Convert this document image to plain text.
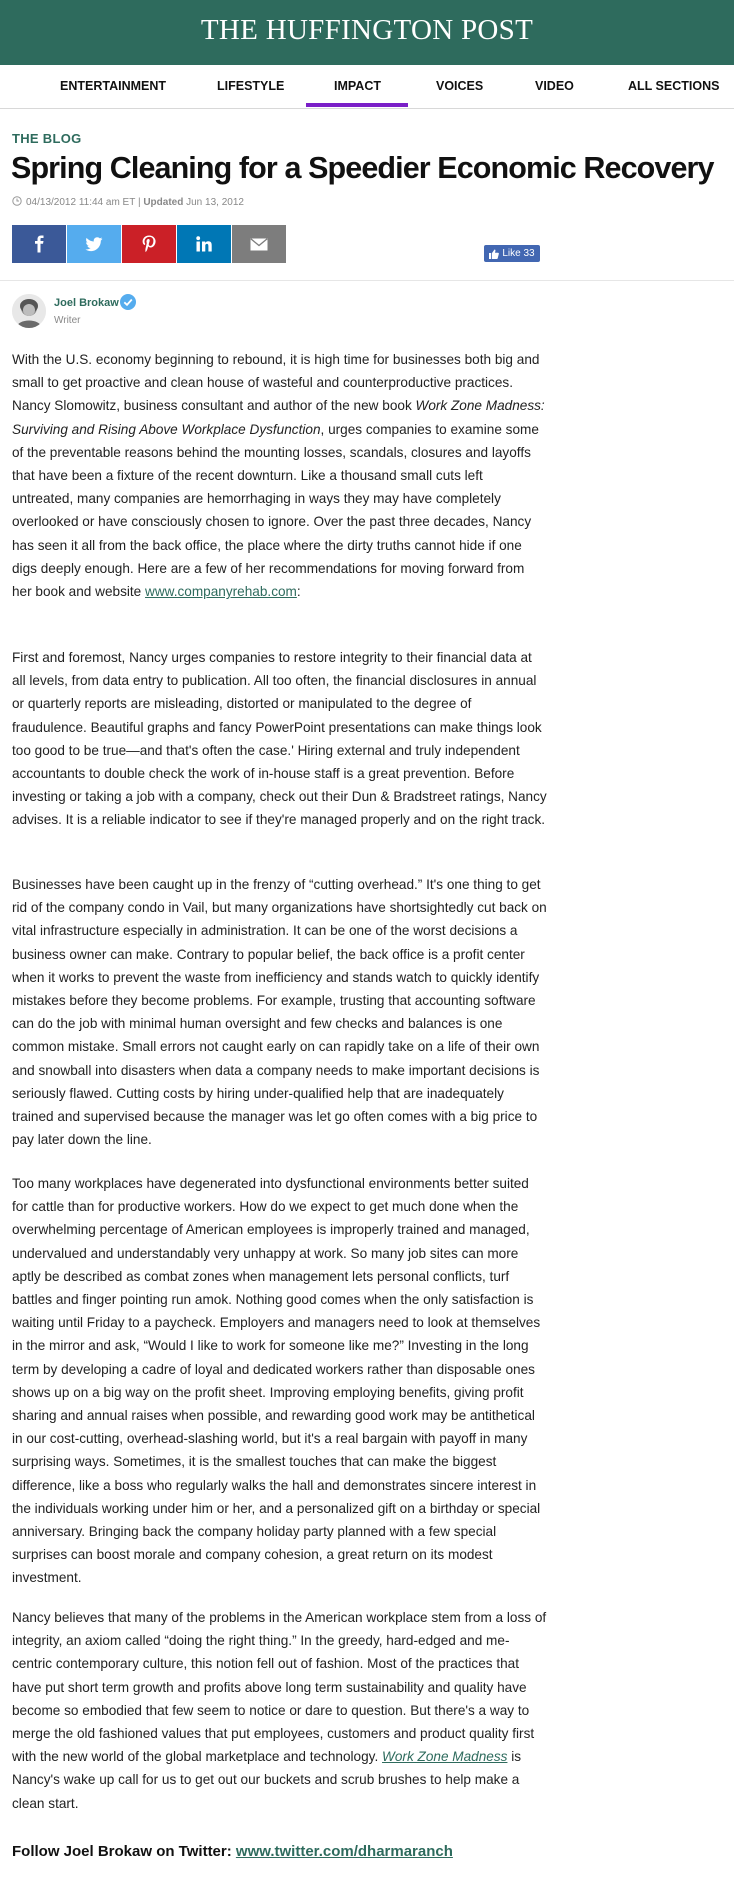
THE HUFFINGTON POST
ENTERTAINMENT	LIFESTYLE	IMPACT	VOICES	VIDEO	ALL SECTIONS
THE BLOG
Spring Cleaning for a Speedier Economic Recovery
04/13/2012 11:44 am ET | Updated Jun 13, 2012
Like
33
Joel Brokaw
Writer

With the U.S. economy beginning to rebound, it is high time for businesses both big and small to get proactive and clean house of wasteful and counterproductive practices. Nancy Slomowitz, business consultant and author of the new book Work Zone Madness: Surviving and Rising Above Workplace Dysfunction, urges companies to examine some of the preventable reasons behind the mounting losses, scandals, closures and layoffs that have been a fixture of the recent downturn. Like a thousand small cuts left untreated, many companies are hemorrhaging in ways they may have completely overlooked or have consciously chosen to ignore. Over the past three decades, Nancy has seen it all from the back office, the place where the dirty truths cannot hide if one digs deeply enough. Here are a few of her recommendations for moving forward from her book and website www.companyrehab.com:

First and foremost, Nancy urges companies to restore integrity to their financial data at all levels, from data entry to publication. All too often, the financial disclosures in annual or quarterly reports are misleading, distorted or manipulated to the degree of fraudulence. Beautiful graphs and fancy PowerPoint presentations can make things look too good to be true—and that's often the case.' Hiring external and truly independent accountants to double check the work of in-house staff is a great prevention. Before investing or taking a job with a company, check out their Dun & Bradstreet ratings, Nancy advises. It is a reliable indicator to see if they're managed properly and on the right track.

Businesses have been caught up in the frenzy of “cutting overhead.” It's one thing to get rid of the company condo in Vail, but many organizations have shortsightedly cut back on vital infrastructure especially in administration. It can be one of the worst decisions a business owner can make. Contrary to popular belief, the back office is a profit center when it works to prevent the waste from inefficiency and stands watch to quickly identify mistakes before they become problems. For example, trusting that accounting software can do the job with minimal human oversight and few checks and balances is one common mistake. Small errors not caught early on can rapidly take on a life of their own and snowball into disasters when data a company needs to make important decisions is seriously flawed. Cutting costs by hiring under-qualified help that are inadequately trained and supervised because the manager was let go often comes with a big price to pay later down the line.

Too many workplaces have degenerated into dysfunctional environments better suited for cattle than for productive workers. How do we expect to get much done when the overwhelming percentage of American employees is improperly trained and managed, undervalued and understandably very unhappy at work. So many job sites can more aptly be described as combat zones when management lets personal conflicts, turf battles and finger pointing run amok. Nothing good comes when the only satisfaction is waiting until Friday to a paycheck. Employers and managers need to look at themselves in the mirror and ask, “Would I like to work for someone like me?” Investing in the long term by developing a cadre of loyal and dedicated workers rather than disposable ones shows up on a big way on the profit sheet. Improving employing benefits, giving profit sharing and annual raises when possible, and rewarding good work may be antithetical in our cost-cutting, overhead-slashing world, but it's a real bargain with payoff in many surprising ways. Sometimes, it is the smallest touches that can make the biggest difference, like a boss who regularly walks the hall and demonstrates sincere interest in the individuals working under him or her, and a personalized gift on a birthday or special anniversary. Bringing back the company holiday party planned with a few special surprises can boost morale and company cohesion, a great return on its modest investment.

Nancy believes that many of the problems in the American workplace stem from a loss of integrity, an axiom called “doing the right thing.” In the greedy, hard-edged and me-centric contemporary culture, this notion fell out of fashion. Most of the practices that have put short term growth and profits above long term sustainability and quality have become so embodied that few seem to notice or dare to question. But there's a way to merge the old fashioned values that put employees, customers and product quality first with the new world of the global marketplace and technology. Work Zone Madness is Nancy's wake up call for us to get out our buckets and scrub brushes to help make a clean start.

Follow Joel Brokaw on Twitter: www.twitter.com/dharmaranch
